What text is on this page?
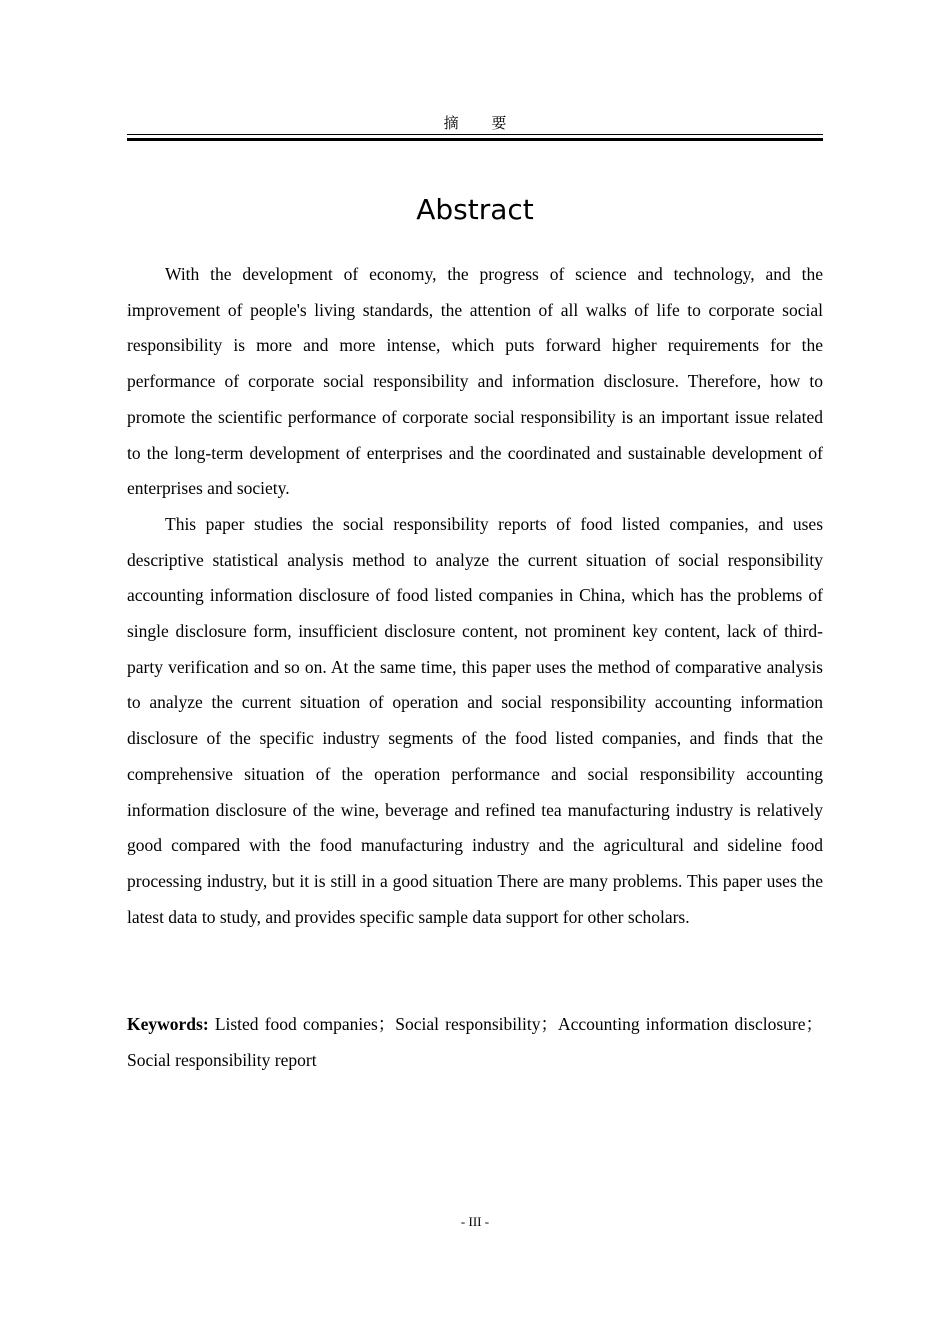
摘 要
Abstract

With the development of economy, the progress of science and technology, and the improvement of people's living standards, the attention of all walks of life to corporate social responsibility is more and more intense, which puts forward higher requirements for the performance of corporate social responsibility and information disclosure. Therefore, how to promote the scientific performance of corporate social responsibility is an important issue related to the long-term development of enterprises and the coordinated and sustainable development of enterprises and society.

This paper studies the social responsibility reports of food listed companies, and uses descriptive statistical analysis method to analyze the current situation of social responsibility accounting information disclosure of food listed companies in China, which has the problems of single disclosure form, insufficient disclosure content, not prominent key content, lack of third-party verification and so on. At the same time, this paper uses the method of comparative analysis to analyze the current situation of operation and social responsibility accounting information disclosure of the specific industry segments of the food listed companies, and finds that the comprehensive situation of the operation performance and social responsibility accounting information disclosure of the wine, beverage and refined tea manufacturing industry is relatively good compared with the food manufacturing industry and the agricultural and sideline food processing industry, but it is still in a good situation There are many problems. This paper uses the latest data to study, and provides specific sample data support for other scholars.

Keywords: Listed food companies；Social responsibility；Accounting information disclosure；Social responsibility report
- III -
